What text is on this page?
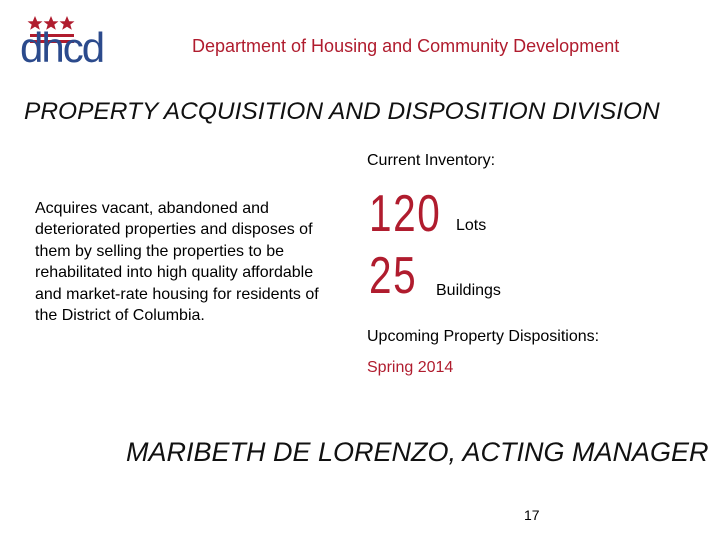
dhcd	Department of Housing and Community Development
PROPERTY ACQUISITION AND DISPOSITION DIVISION
Current Inventory:
Acquires vacant, abandoned and deteriorated properties and disposes of them by selling the properties to be rehabilitated into high quality affordable and market-rate housing for residents of the District of Columbia.
120 Lots
25 Buildings
Upcoming Property Dispositions:
Spring 2014
MARIBETH DE LORENZO, ACTING MANAGER
17
